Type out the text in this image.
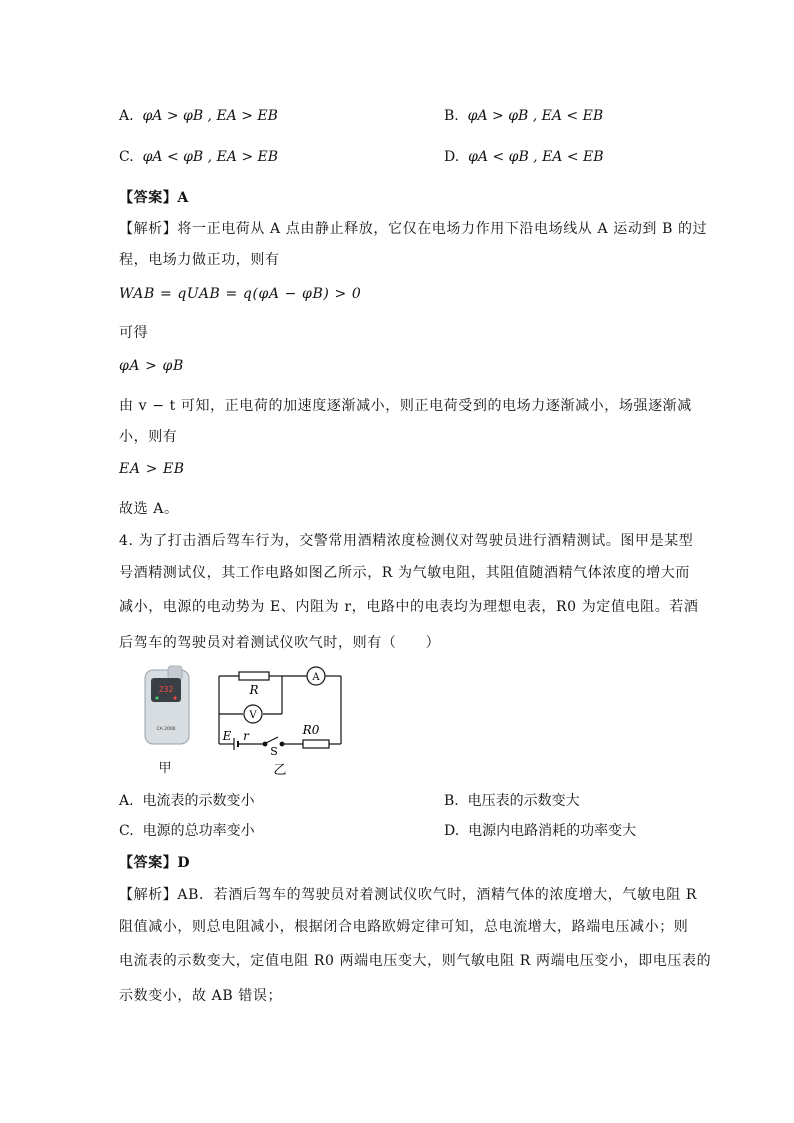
A. φA > φB , EA > EB	B. φA > φB , EA < EB
C. φA < φB , EA > EB	D. φA < φB , EA < EB
【答案】A
【解析】将一正电荷从 A 点由静止释放，它仅在电场力作用下沿电场线从 A 运动到 B 的过
程，电场力做正功，则有
WAB = qUAB = q(φA − φB) > 0
可得
φA > φB
由 v − t 可知，正电荷的加速度逐渐减小，则正电荷受到的电场力逐渐减小，场强逐渐减
小，则有
EA > EB
故选 A。
4. 为了打击酒后驾车行为，交警常用酒精浓度检测仪对驾驶员进行酒精测试。图甲是某型
号酒精测试仪，其工作电路如图乙所示，R 为气敏电阻，其阻值随酒精气体浓度的增大而
减小，电源的电动势为 E、内阻为 r，电路中的电表均为理想电表，R0 为定值电阻。若酒
后驾车的驾驶员对着测试仪吹气时，则有（　　）
232
CA 2000
甲
R
V
A
R0
E r
S
乙
A. 电流表的示数变小	B. 电压表的示数变大
C. 电源的总功率变小	D. 电源内电路消耗的功率变大
【答案】D
【解析】AB．若酒后驾车的驾驶员对着测试仪吹气时，酒精气体的浓度增大，气敏电阻 R
阻值减小，则总电阻减小，根据闭合电路欧姆定律可知，总电流增大，路端电压减小；则
电流表的示数变大，定值电阻 R0 两端电压变大，则气敏电阻 R 两端电压变小，即电压表的
示数变小，故 AB 错误；
